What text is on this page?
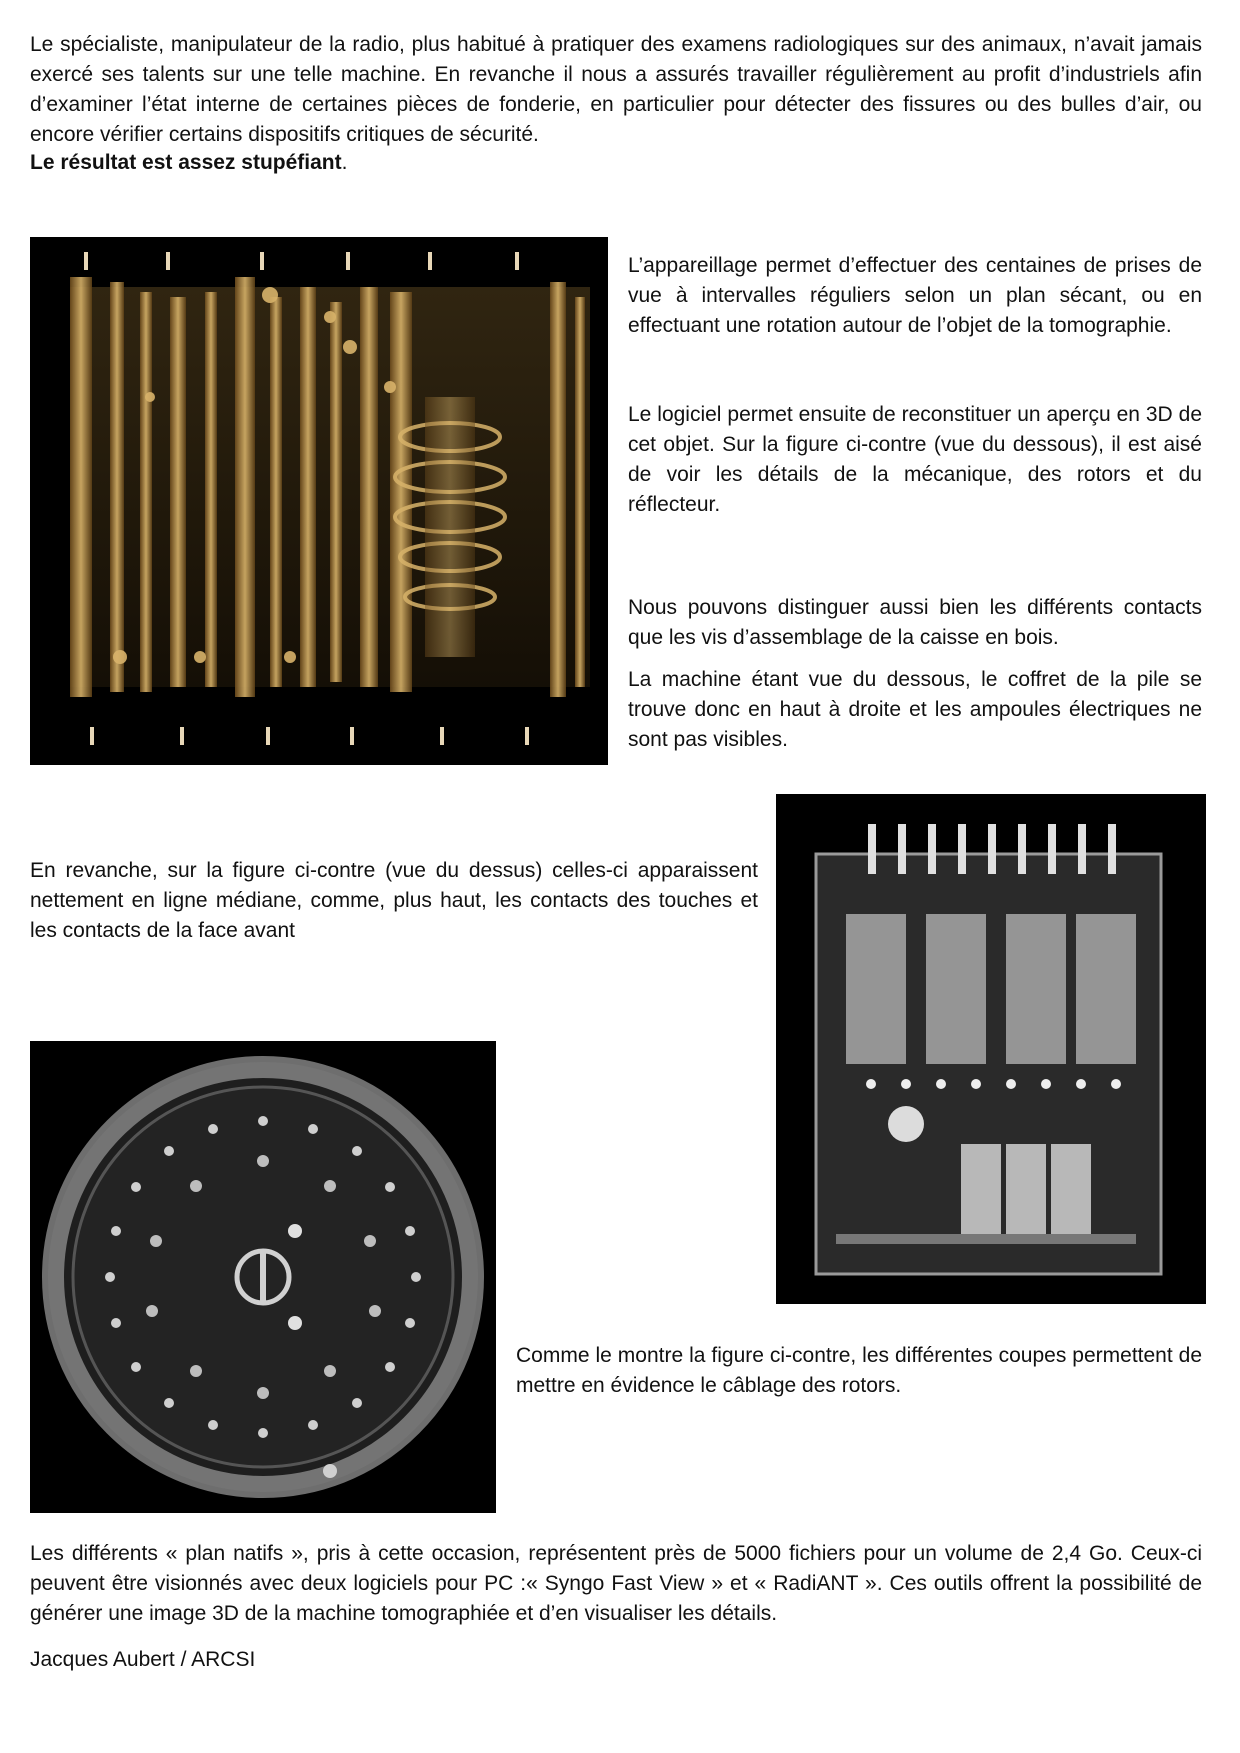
Le spécialiste, manipulateur de la radio, plus habitué à pratiquer des examens radiologiques sur des animaux, n’avait jamais exercé ses talents sur une telle machine. En revanche il nous a assurés travailler régulièrement au profit d’industriels afin d’examiner l’état interne de certaines pièces de fonderie, en particulier pour détecter des fissures ou des bulles d’air, ou encore vérifier certains dispositifs critiques de sécurité.

Le résultat est assez stupéfiant.

L’appareillage permet d’effectuer des centaines de prises de vue à intervalles réguliers selon un plan sécant, ou en effectuant une rotation autour de l’objet de la tomographie.

Le logiciel permet ensuite de reconstituer un aperçu en 3D de cet objet. Sur la figure ci-contre (vue du dessous), il est aisé de voir les détails de la mécanique, des rotors et du réflecteur.

Nous pouvons distinguer aussi bien les différents contacts que les vis d’assemblage de la caisse en bois.

La machine étant vue du dessous, le coffret de la pile se trouve donc en haut à droite et les ampoules électriques ne sont pas visibles.

En revanche, sur la figure ci-contre (vue du dessus) celles-ci apparaissent nettement en ligne médiane, comme, plus haut, les contacts des touches et les contacts de la face avant

Comme le montre la figure ci-contre, les différentes coupes permettent de mettre en évidence le câblage des rotors.

Les différents « plan natifs », pris à cette occasion, représentent près de 5000 fichiers pour un volume de 2,4 Go. Ceux-ci peuvent être visionnés avec deux logiciels pour PC :« Syngo Fast View » et « RadiANT ». Ces outils offrent la possibilité de générer une image 3D de la machine tomographiée et d’en visualiser les détails.

Jacques Aubert / ARCSI
